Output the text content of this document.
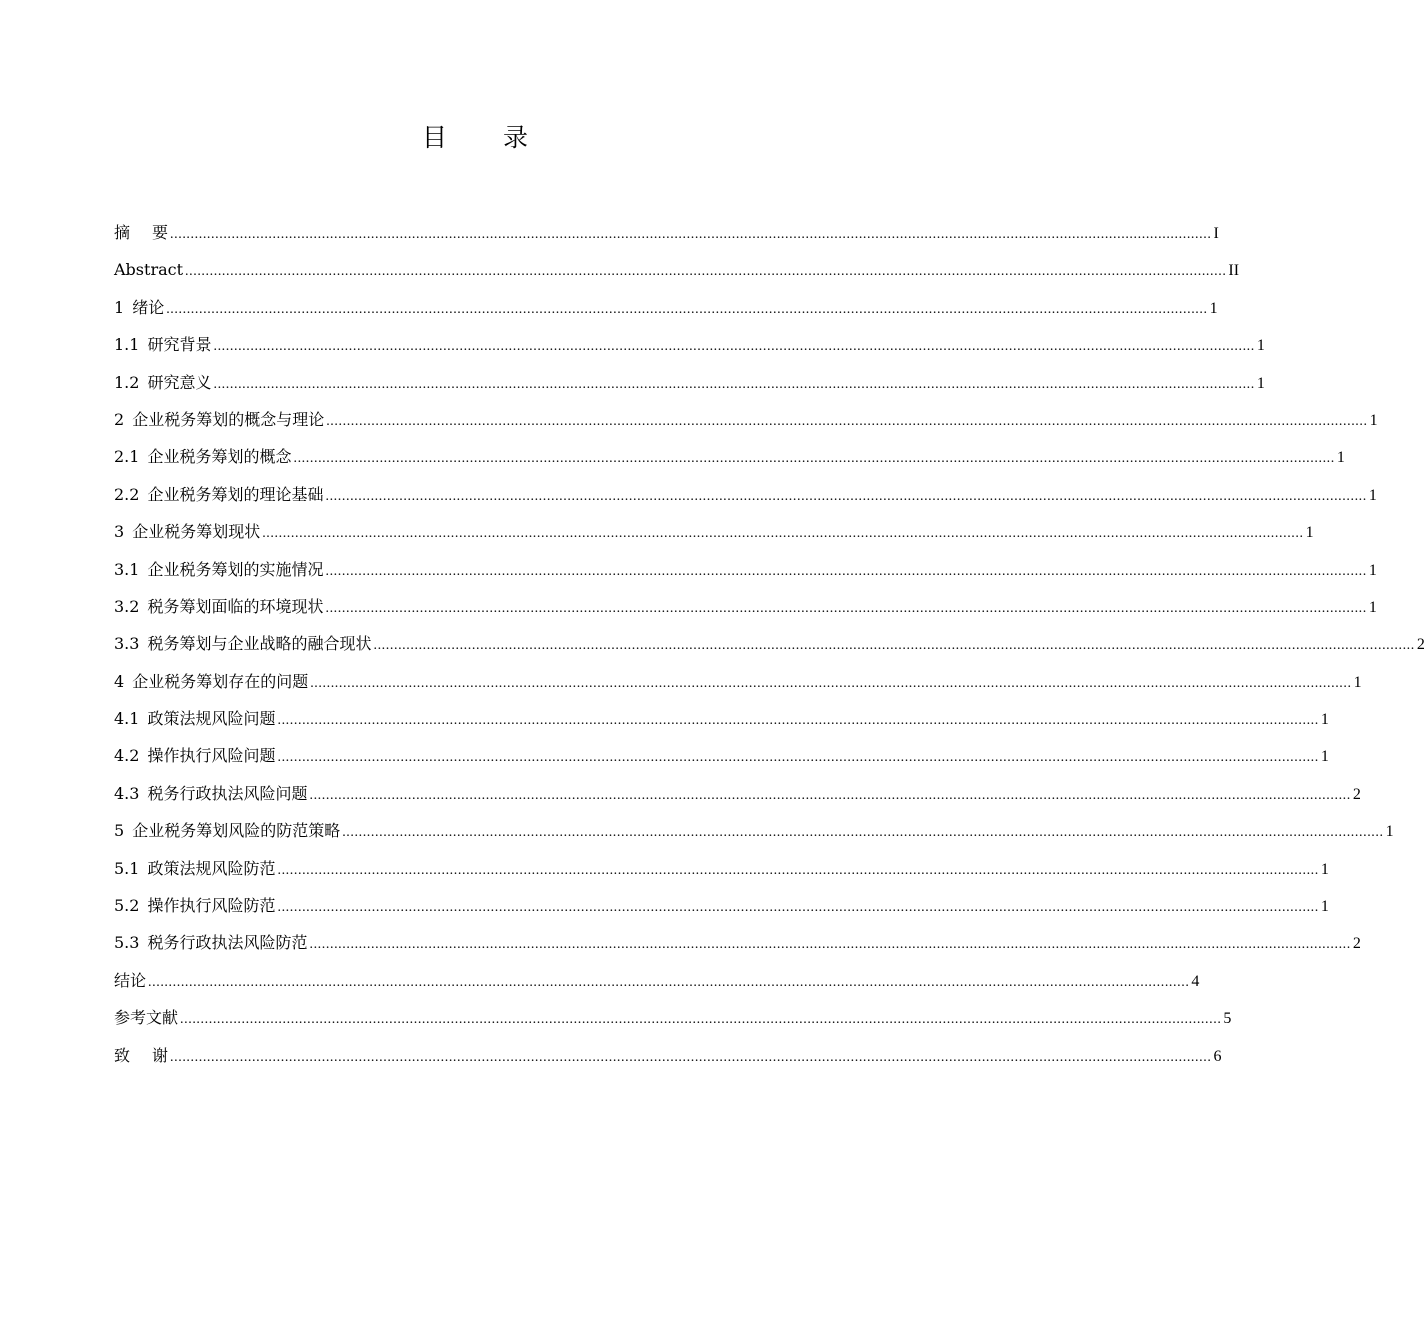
目 录
摘要 .............................................................................................................................................................................................................................................................. I
Abstract .............................................................................................................................................................................................................................................................. II
1 绪论 .............................................................................................................................................................................................................................................................. 1
1.1 研究背景 .............................................................................................................................................................................................................................................................. 1
1.2 研究意义 .............................................................................................................................................................................................................................................................. 1
2 企业税务筹划的概念与理论 .............................................................................................................................................................................................................................................................. 1
2.1 企业税务筹划的概念 .............................................................................................................................................................................................................................................................. 1
2.2 企业税务筹划的理论基础 .............................................................................................................................................................................................................................................................. 1
3 企业税务筹划现状 .............................................................................................................................................................................................................................................................. 1
3.1 企业税务筹划的实施情况 .............................................................................................................................................................................................................................................................. 1
3.2 税务筹划面临的环境现状 .............................................................................................................................................................................................................................................................. 1
3.3 税务筹划与企业战略的融合现状 .............................................................................................................................................................................................................................................................. 2
4 企业税务筹划存在的问题 .............................................................................................................................................................................................................................................................. 1
4.1 政策法规风险问题 .............................................................................................................................................................................................................................................................. 1
4.2 操作执行风险问题 .............................................................................................................................................................................................................................................................. 1
4.3 税务行政执法风险问题 .............................................................................................................................................................................................................................................................. 2
5 企业税务筹划风险的防范策略 .............................................................................................................................................................................................................................................................. 1
5.1 政策法规风险防范 .............................................................................................................................................................................................................................................................. 1
5.2 操作执行风险防范 .............................................................................................................................................................................................................................................................. 1
5.3 税务行政执法风险防范 .............................................................................................................................................................................................................................................................. 2
结论 .............................................................................................................................................................................................................................................................. 4
参考文献 .............................................................................................................................................................................................................................................................. 5
致谢 .............................................................................................................................................................................................................................................................. 6
